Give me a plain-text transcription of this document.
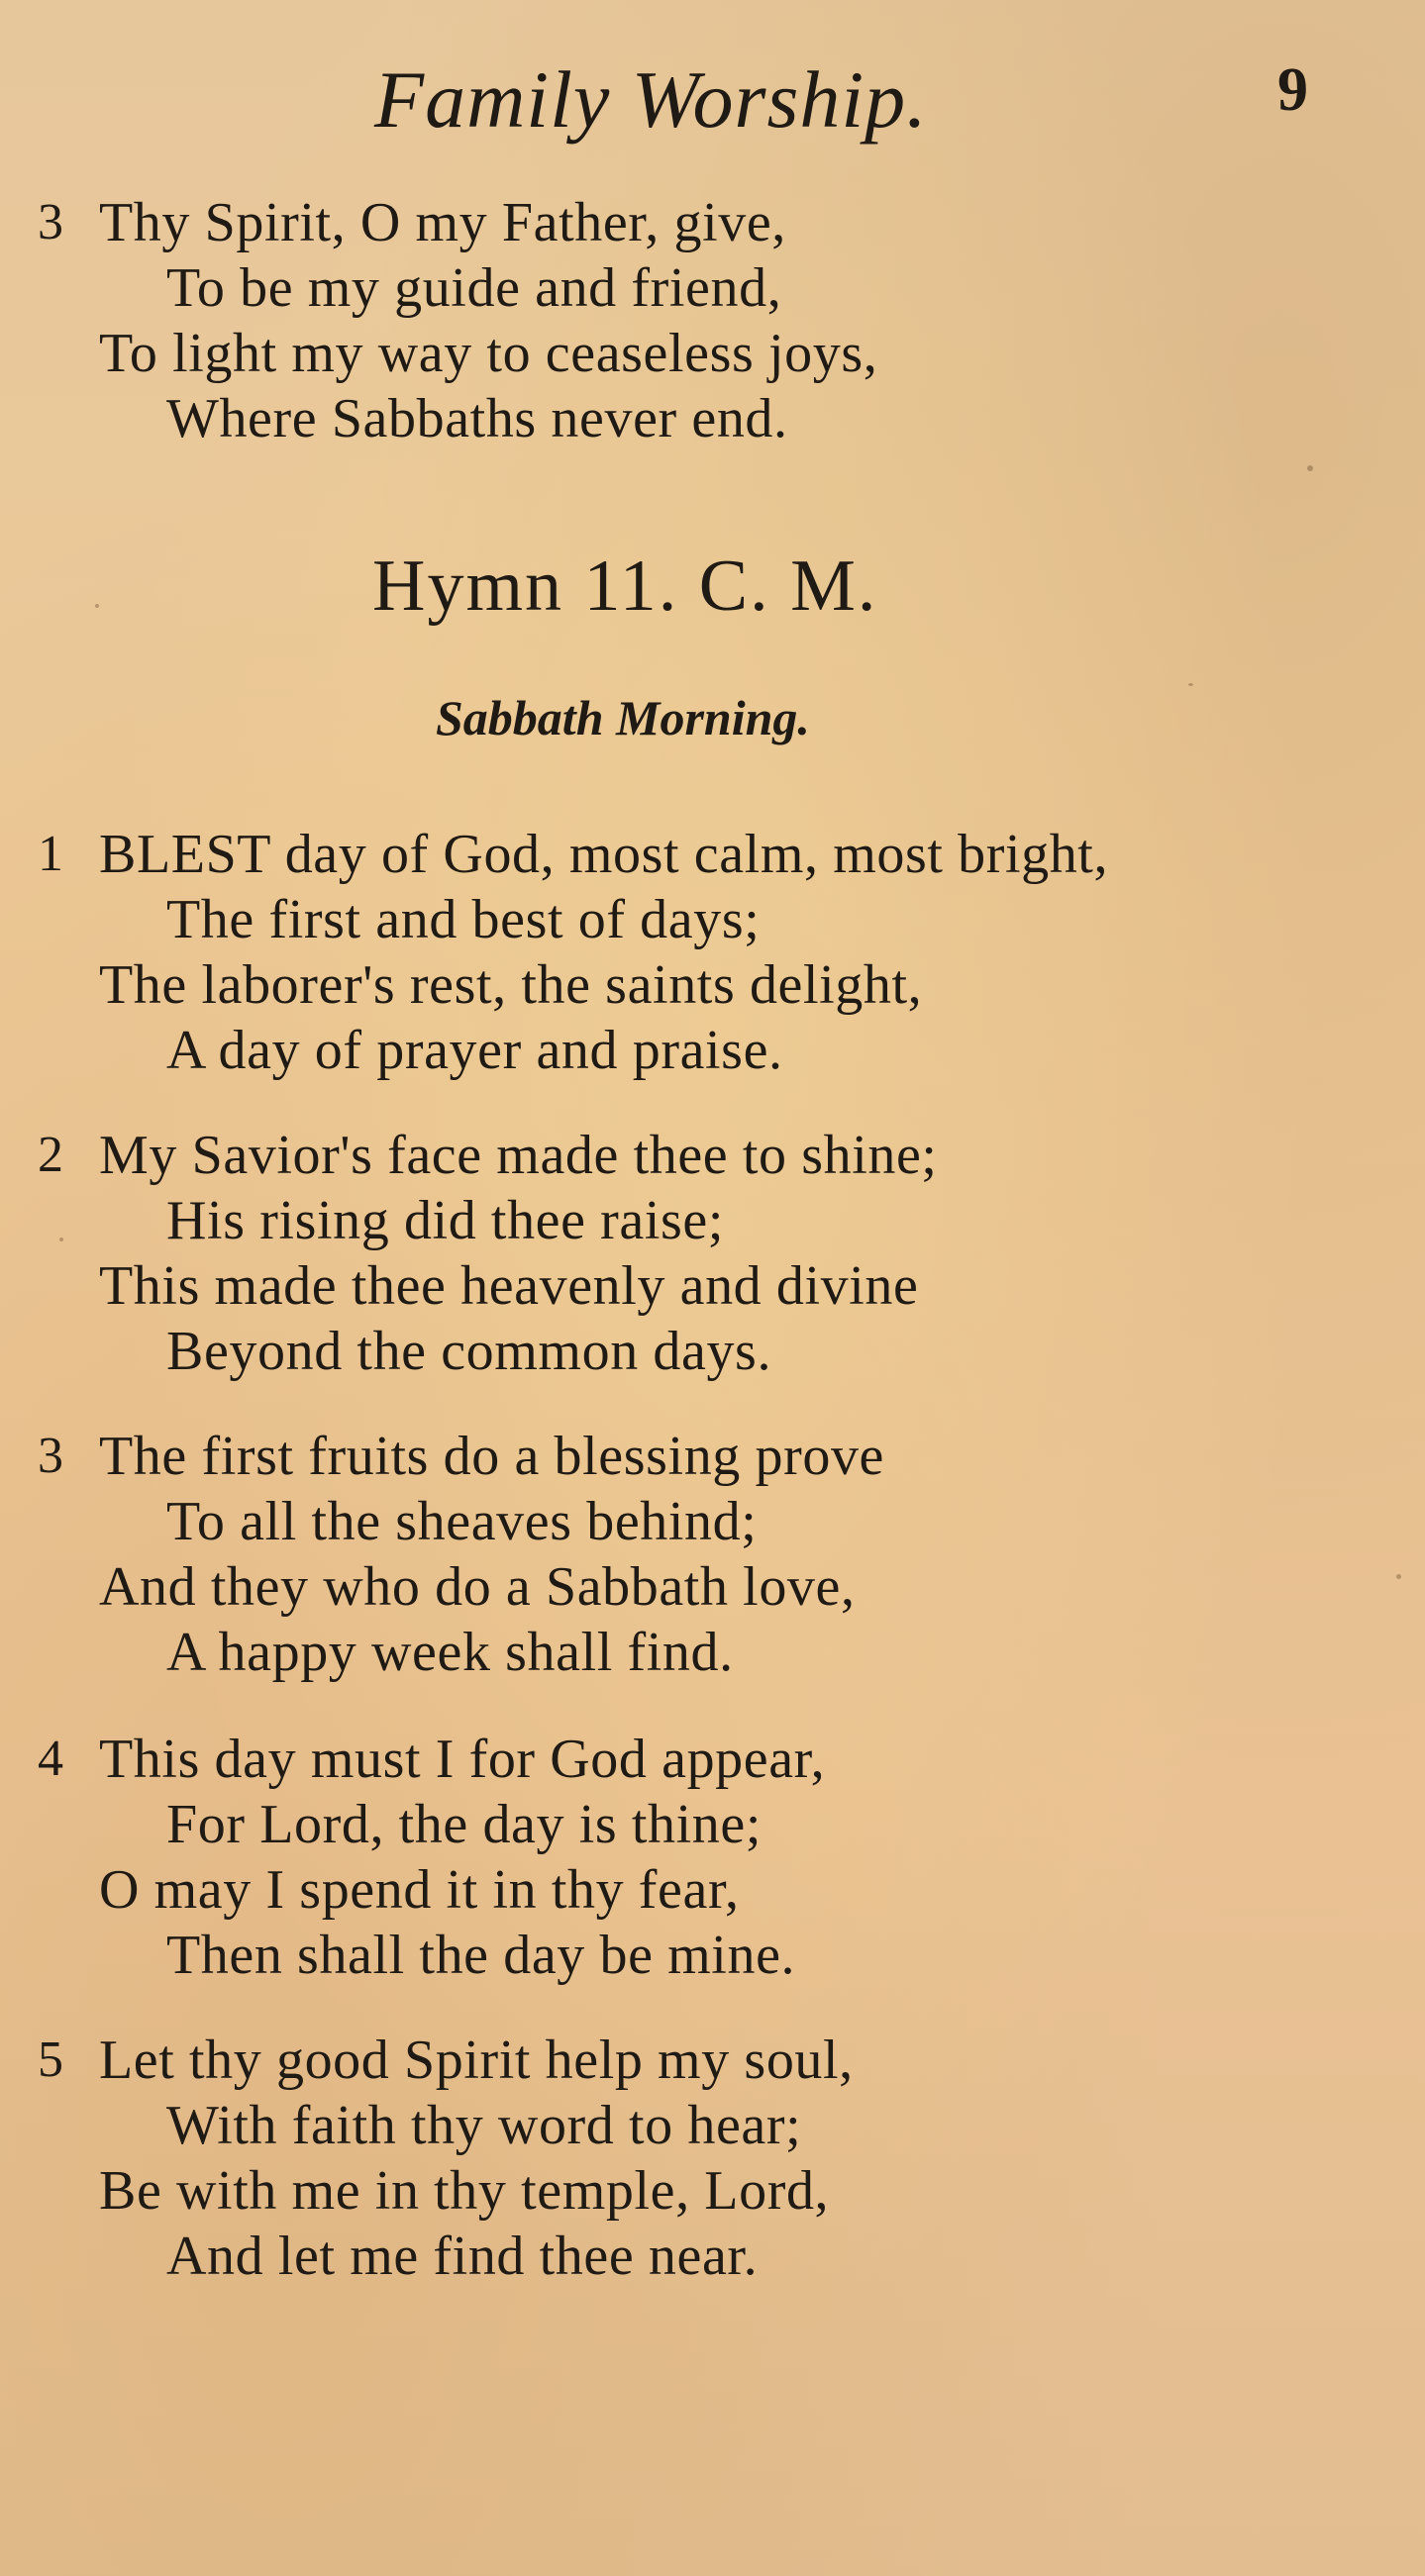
Family Worship.	9
3 Thy Spirit, O my Father, give,
To be my guide and friend,
To light my way to ceaseless joys,
Where Sabbaths never end.
Hymn 11. C. M.
Sabbath Morning.
1 BLEST day of God, most calm, most bright,
The first and best of days;
The laborer's rest, the saints delight,
A day of prayer and praise.
2 My Savior's face made thee to shine;
His rising did thee raise;
This made thee heavenly and divine
Beyond the common days.
3 The first fruits do a blessing prove
To all the sheaves behind;
And they who do a Sabbath love,
A happy week shall find.
4 This day must I for God appear,
For Lord, the day is thine;
O may I spend it in thy fear,
Then shall the day be mine.
5 Let thy good Spirit help my soul,
With faith thy word to hear;
Be with me in thy temple, Lord,
And let me find thee near.
